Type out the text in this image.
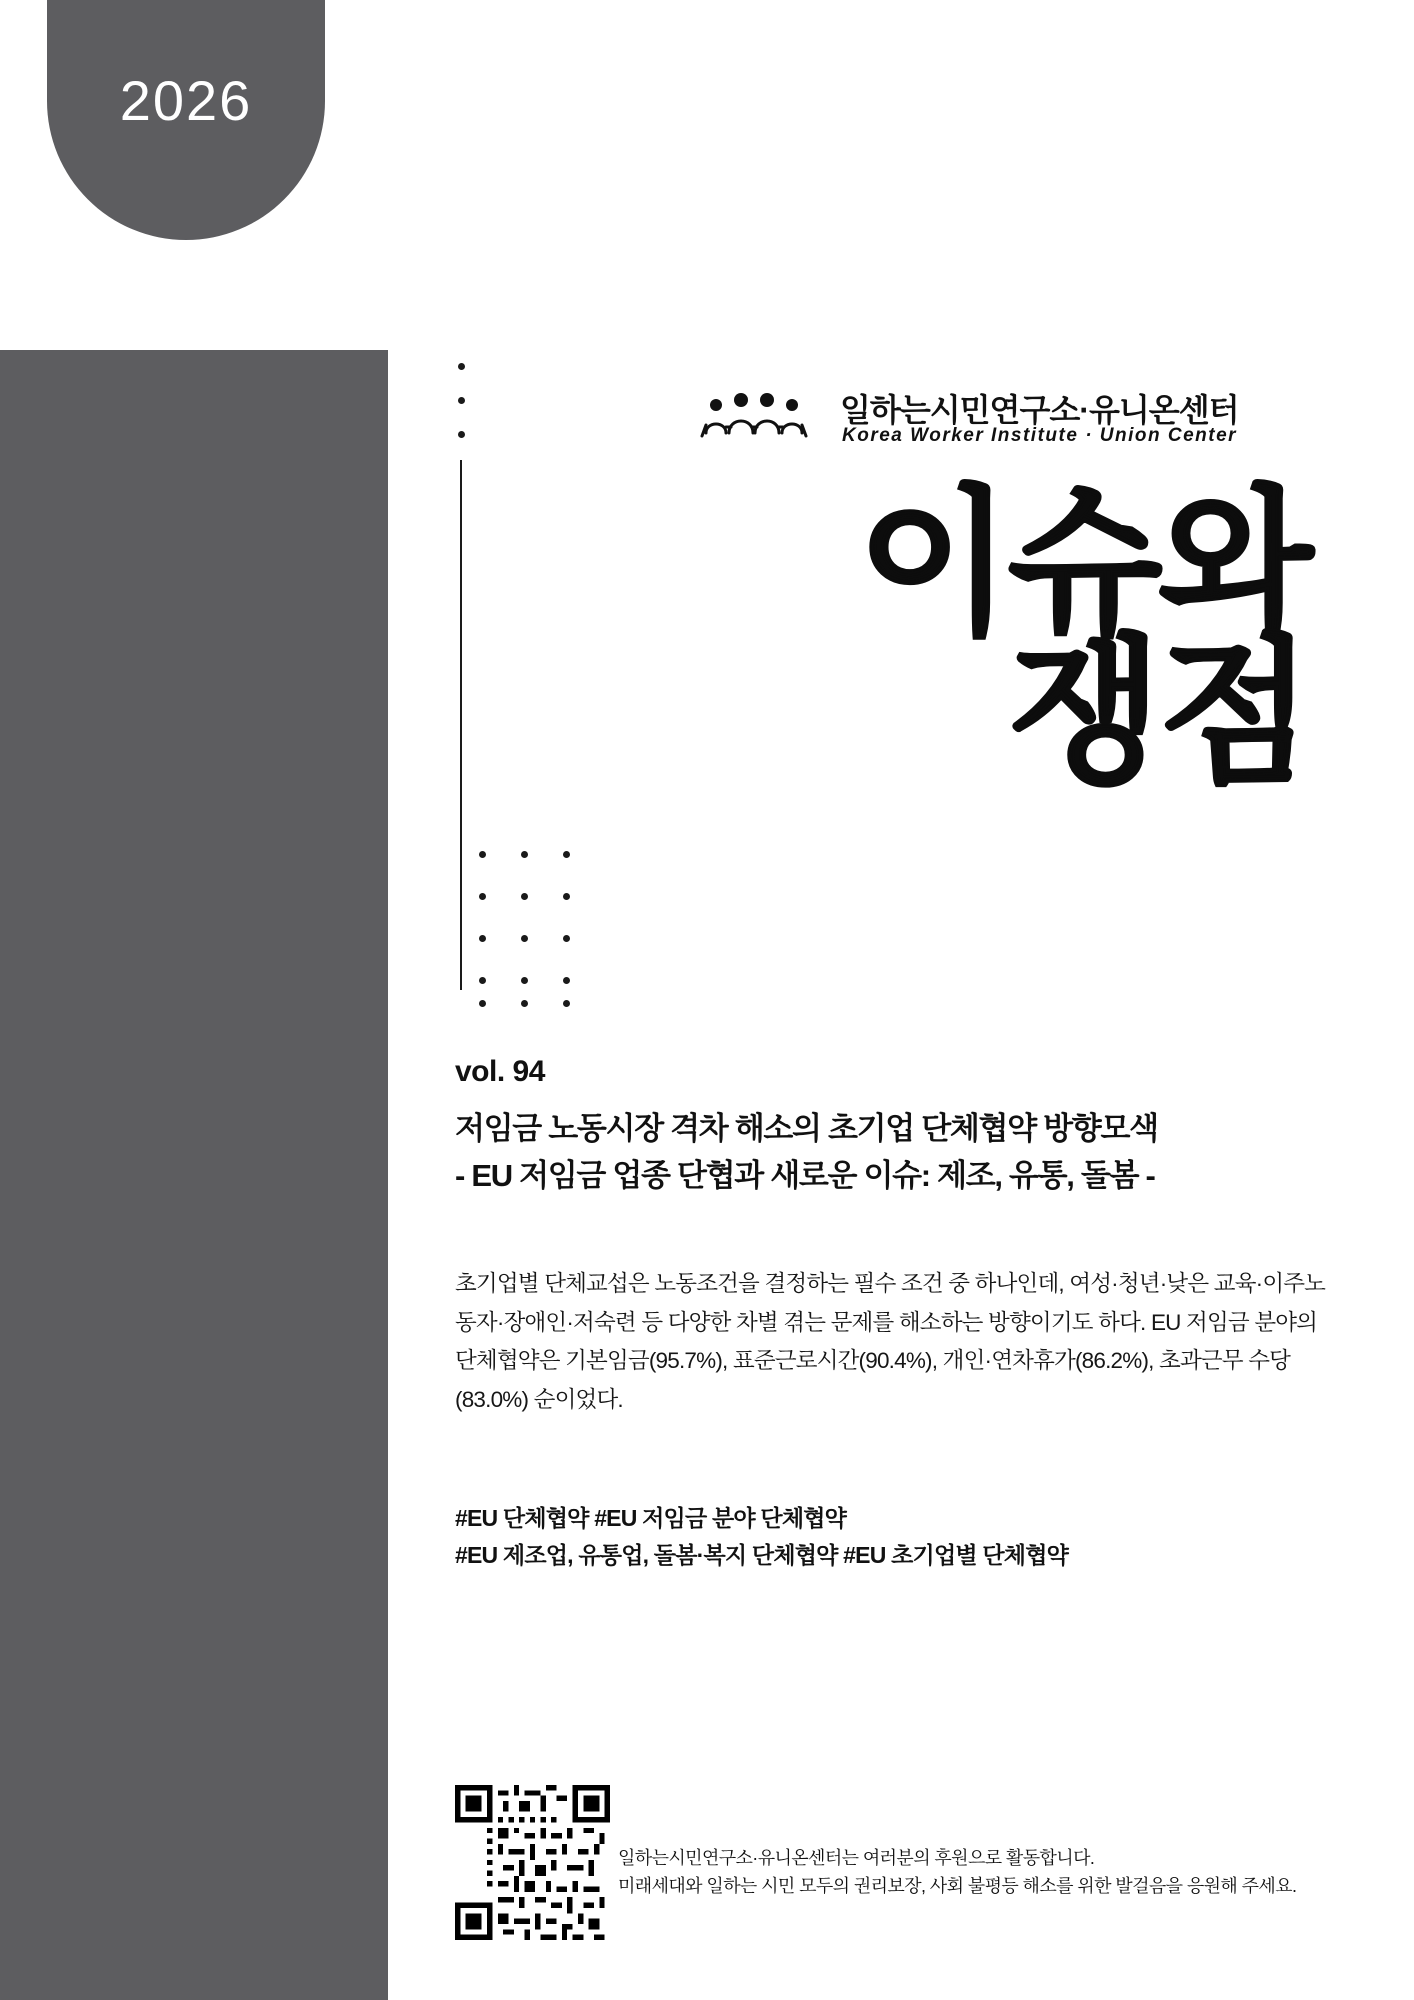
2026
일하는시민연구소·유니온센터
Korea Worker Institute · Union Center
이슈와
쟁점
vol. 94
저임금 노동시장 격차 해소의 초기업 단체협약 방향모색
- EU 저임금 업종 단협과 새로운 이슈: 제조, 유통, 돌봄 -
초기업별 단체교섭은 노동조건을 결정하는 필수 조건 중 하나인데, 여성·청년·낮은 교육·이주노동자·장애인·저숙련 등 다양한 차별 겪는 문제를 해소하는 방향이기도 하다. EU 저임금 분야의 단체협약은 기본임금(95.7%), 표준근로시간(90.4%), 개인·연차휴가(86.2%), 초과근무 수당(83.0%) 순이었다.
#EU 단체협약 #EU 저임금 분야 단체협약
#EU 제조업, 유통업, 돌봄·복지 단체협약 #EU 초기업별 단체협약
일하는시민연구소·유니온센터는 여러분의 후원으로 활동합니다.
미래세대와 일하는 시민 모두의 권리보장, 사회 불평등 해소를 위한 발걸음을 응원해 주세요.
